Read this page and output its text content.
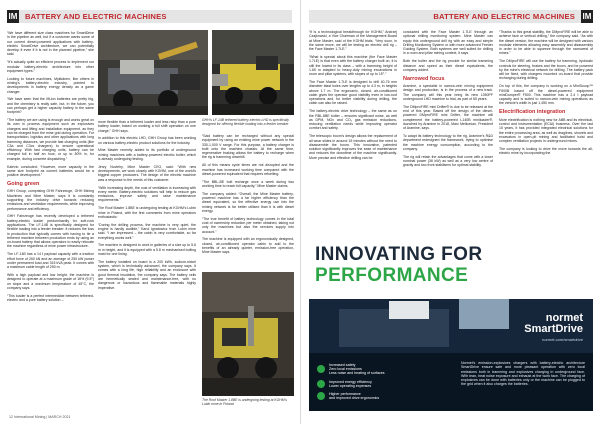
IM BATTERY AND ELECTRIC MACHINES

“We have different size class machines for SmartDrive in the pipeline as well, but if a customer wants some of our current diesel-powered applications with battery-electric SmartDrive architecture, we can potentially develop it even if it is not in the planned pipeline,” she said.

“It’s actually quite an efficient process to implement our modular battery-electric architecture into other equipment types.”

Looking to future machines, Mykkänen, like others in mining’s battery-electric industry, pointed to developments in battery energy density as a game changer.

“We have seen that the lift-ion batteries are pretty big, and the chemistry is really safe, but, in the future, you can perhaps get a higher capacity battery in the same footprint?

“The battery we are using is enough and works great on its own in process equipment such as explosives chargers and lifting and installation equipment, as they can be charged from the mine grid during operation. For transportation, logistics and other applications with long tramming distances, we provide fast charging units (like C3a and C3cs chargers) to ensure operational efficiency. With fast charging units, battery can be charged full in half an hour, or up to 80% in, for example, during concrete dispatching.”

Kalevio concluded: “However, more capacity in the same size footprint as current batteries would be a positive development.”

Going green

GHH Group, comprising GHH Fahrzeuge, GHH Mining Machines and Mine Master, says it is constantly supporting the industry drive towards reducing emissions and ventilation requirements, while improving performance and efficiency.

GHH Fahrzeuge has recently developed a tethered battery-electric loader predominantly for soft-rock applications. The LF-14B is specifically designed for flexible loading into a feeder breaker. It reduces the loss in production that typically comes with having to tie a tethered machine between production ends by using an on-board battery that allows operators to easily relocate the machine regardless of mine power infrastructure.

The LF-14B has a 14 t payload capacity with a traction effort force of 260 kN and an average of 250 kW power under permanent load and 315 kVA peak. It comes with a maximum cable length of 250 m.

With a high payload and low height, the machine is designed to operate at a maximum grade of 16% (9.5°) on slope and a maximum temperature of 45°C, the company says.

“This loader is a perfect intermediate between tethered-electric and a pure battery solution –

more flexible than a tethered loader and less risky than a pure battery loader, based on working a full shift operation on one charge,” GHH says.

In addition to this electric LHD, GHH Group has been working on various battery-electric product solutions for the industry.

Mine Master recently added to its portfolio of underground mining machines with a battery-powered electric bolter, which is already undergoing testing.

Jerzy Noviehy, Mine Master CEO, said: “With new developments, we work closely with KGHM, one of the world’s biggest copper producers. The design of the electric machine was a response to the needs of this customer.

“With increasing depth, the cost of ventilation is increasing with every metre. Battery-electric solutions will help to reduce gas emissions, improve safety and raise maintenance requirements.”

The Roof Master 1.8BE is undergoing testing at KGHM’s Lubin mine in Poland, with the first comments from mine operators enthusiastic:

“During the drilling process, the machine is very quiet, the engine is hardly audible,” Karol Ignatowicz from Lubin mine said. “I am impressed – the cabin is very comfortable, so far everything works well.”

The machine is designed to work in galleries of a size up to 5.6 m in height, and it is equipped with a 5.8 m mechanised bolting mast for one lining.

The battery installed on board is a 200 kWh, sodium-nickel system, which is technically advanced, the company says. It comes with a long life, high reliability and an enclosure with good thermal insulation, the company says. The battery cells are hermetically sealed and maintenance-free, with no dangerous or hazardous and flammable materials highly imperative.

GHH’s LF-14B tethered battery-electric LHD is specifically designed for offering flexible loading into a feeder breaker

“Said battery can be recharged without any special equipment by using an existing mine power network in the 330-1,000 V range. For this purpose, a battery charger is built onto the machine chassis. At the same time, regenerative braking allows the battery to recharge when the rig is tramming downhill.

All of this means cycle times are not disrupted and the machine has increased working time compared with the diesel-powered equivalent that requires refuelling.

“The BBL-BE bolt recharge once a week during two working time to reach full capacity,” Mine Master claims.

The company added: “Overall, the Mine Master battery-powered machine has a far higher efficiency than the diesel equivalent, so the effective energy use into the mining network is far better utilised than it is with diesel energy.

“The true benefit of battery technology comes in the total cost of ownership reduction per meter obtained, taking not only the machines but also the services supply into account.”

The machine is equipped with an ergonomically designed, closed, air-conditioned operator cabin to add to the benefits of an already quieter, emission-free operation, Mine Master says.

The Roof Master 1.8BE is undergoing testing at KGHM’s Lubin mine in Poland
12 International Mining | MARCH 2021
BATTERY AND ELECTRIC MACHINES IM

“It is a technological breakthrough for KGHM,” Andrzej Czajkowski, a Vice Chairman of the Management Board at Mine Master, said of the KGHM trials. “Very soon, in the same move, we will be testing an electric drill rig – the Face Master 1.7LE.”

“What is special about this machine (the Face Master 1.7LE) is that even with the battery charger built on, it is still the lowest in its class – with a tramming height of 1.65 m adapted to heavy-duty mining excavations in room and pillar systems, with slopes of up to 15°.”

The Face Master 1.7LE is designed to drill 40-76 mm diameter blast holes over lengths up to 4.3 m, in heights above 1.7 m. The ergonomic, closed, air-conditioned cabin gives the operator good visibility even in low-roof operations and, for better visibility during drilling, the cabin can also be raised.

The battery-electric drive technology – the same as on the RBL.8BE bolter – ensures significant noise, as well as DPM, NOx and CO₂ gas emission reductions, reducing ventilation needs while improving operator comfort and safety.

The telescopic boom’s design allows the replacement of all wear slides in around 15 minutes without the need to disassemble the boom. This innovative, patented solution significantly improves the ease of maintenance and reduces the downtime of the machine significantly. More precise and effective drilling can be

conducted with the Face Master 1.7LE through an optional drilling monitoring system. Mine Master can equip this underground drill rig with an easy and simple Drilling Monitoring System or with more advanced Feeder Guiding System. Both systems are well suited for drilling in a room and pillar mining context, it says.

Both the bolter and the rig provide for similar tramming distance and speed as their diesel equivalents, the company added.

Narrowed focus

Aramine, a specialist in narrow-vein mining equipment design and production, is in the process of a new track. The company will this year bring its new L350PF underground LHD machine to trial, as part of 65 years.

The DMproFIRE mini Drifter® is due to be released at the end of this year. Based off the design of the diesel-powered DMproFIRE mini Drifter, the machine will complement the battery-powered L140B miniloader®, launched by Aramine in 2018, Marc Melkonian, President of Aramine, says.

To adapt its battery technology to the rig, Aramine’s R&D department redesigned the framework, trying to optimise the machine energy consumption, according to the company.

The rig will retain the advantages that come with a lower nominal power (36 kW) as well as a very low centre of gravity and two front stabilisers for optimal stability.

“Thanks to this great stability, the DMproFIRE will be able to achieve face or vertical drilling,” the company said. “As with the diesel version, the machine will be designed with various modular elements allowing easy assembly and disassembly in order to be able to squeeze through the narrowest of mines.”

The DMproFIRE will use the battery for tramming, hydraulic controls for steering, brakes and the boom, and be powered by the mine’s electrical network for drilling. The battery pack will be fixed, with chargers mounted on-board that provide recharging during drilling.

On top of this, the company is working on a MiniScoop™ F500B based off the diesel-powered equipment miniDumper® F500. This machine has a 2.4 t payload capacity and is suited to narrow-vein mining operations as the vehicle’s width is just 1,450 mm.

Electrification integration

More electrification is nothing new for ABB and its electrical, control and instrumentation (EC&I) business. Over the last 15 years, it has provided integrated electrical solutions for the entire processing area, as well as draglines, shovels and excavators in open-pit mining and facilitated hoist and complex ventilation projects in underground mines.

The company is looking to drive the move towards the all-electric mine by incorporating the

INNOVATING FOR
PERFORMANCE
normet
SmartDrive
normet.com/smartdrive
Increased safety
Zero local emissions
Less noise and heating of surfaces
Improved energy efficiency
Lower operating expenses
Higher performance
and improved drive ergonomics
Normet’s emission-explosives chargers with battery-electric architecture SmartDrive ensure safe and more pleasant operation with zero local emissions both in tramming and explosives charging in underground face. With lean, heat noise exposure and exhaust at the work face. The charging of explosives can be done with batteries only or the machine can be plugged to the grid when it also charges the batteries.
